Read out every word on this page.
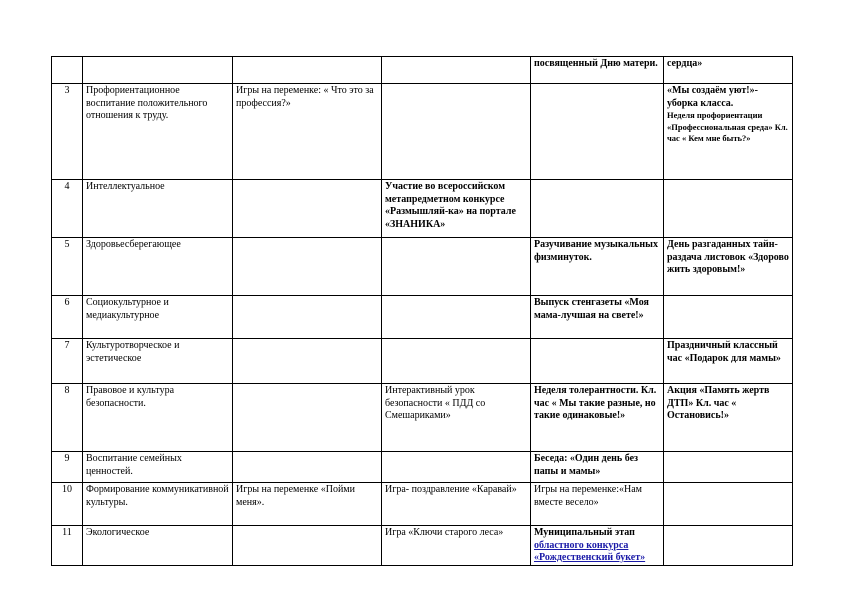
				посвященный Дню матери.	сердца»
3	Профориентационное воспитание положительного отношения к труду.	Игры на переменке: « Что это за профессия?»			«Мы создаём уют!»- уборка класса.
Неделя профориентации «Профессиональная среда» Кл. час « Кем мне быть?»

4	Интеллектуальное		Участие во всероссийском метапредметном конкурсе «Размышляй-ка» на портале «ЗНАНИКА»		
5	Здоровьесберегающее			Разучивание музыкальных физминуток.	День разгаданных тайн- раздача листовок «Здорово жить здоровым!»
6	Социокультурное и медиакультурное			Выпуск стенгазеты «Моя мама-лучшая на свете!»	
7	Культуротворческое и эстетическое				Праздничный классный час «Подарок для мамы»
8	Правовое и культура безопасности.		Интерактивный урок безопасности « ПДД со Смешариками»	Неделя толерантности. Кл. час « Мы такие разные, но такие одинаковые!»	Акция «Память жертв ДТП» Кл. час « Остановись!»
9	Воспитание семейных ценностей.			Беседа: «Один день без папы и мамы»	
10	Формирование коммуникативной культуры.	Игры на переменке «Пойми меня».	Игра- поздравление «Каравай»	Игры на переменке:«Нам вместе весело»	
11	Экологическое		Игра «Ключи старого леса»	Муниципальный этап
областного конкурса «Рождественский букет»	
